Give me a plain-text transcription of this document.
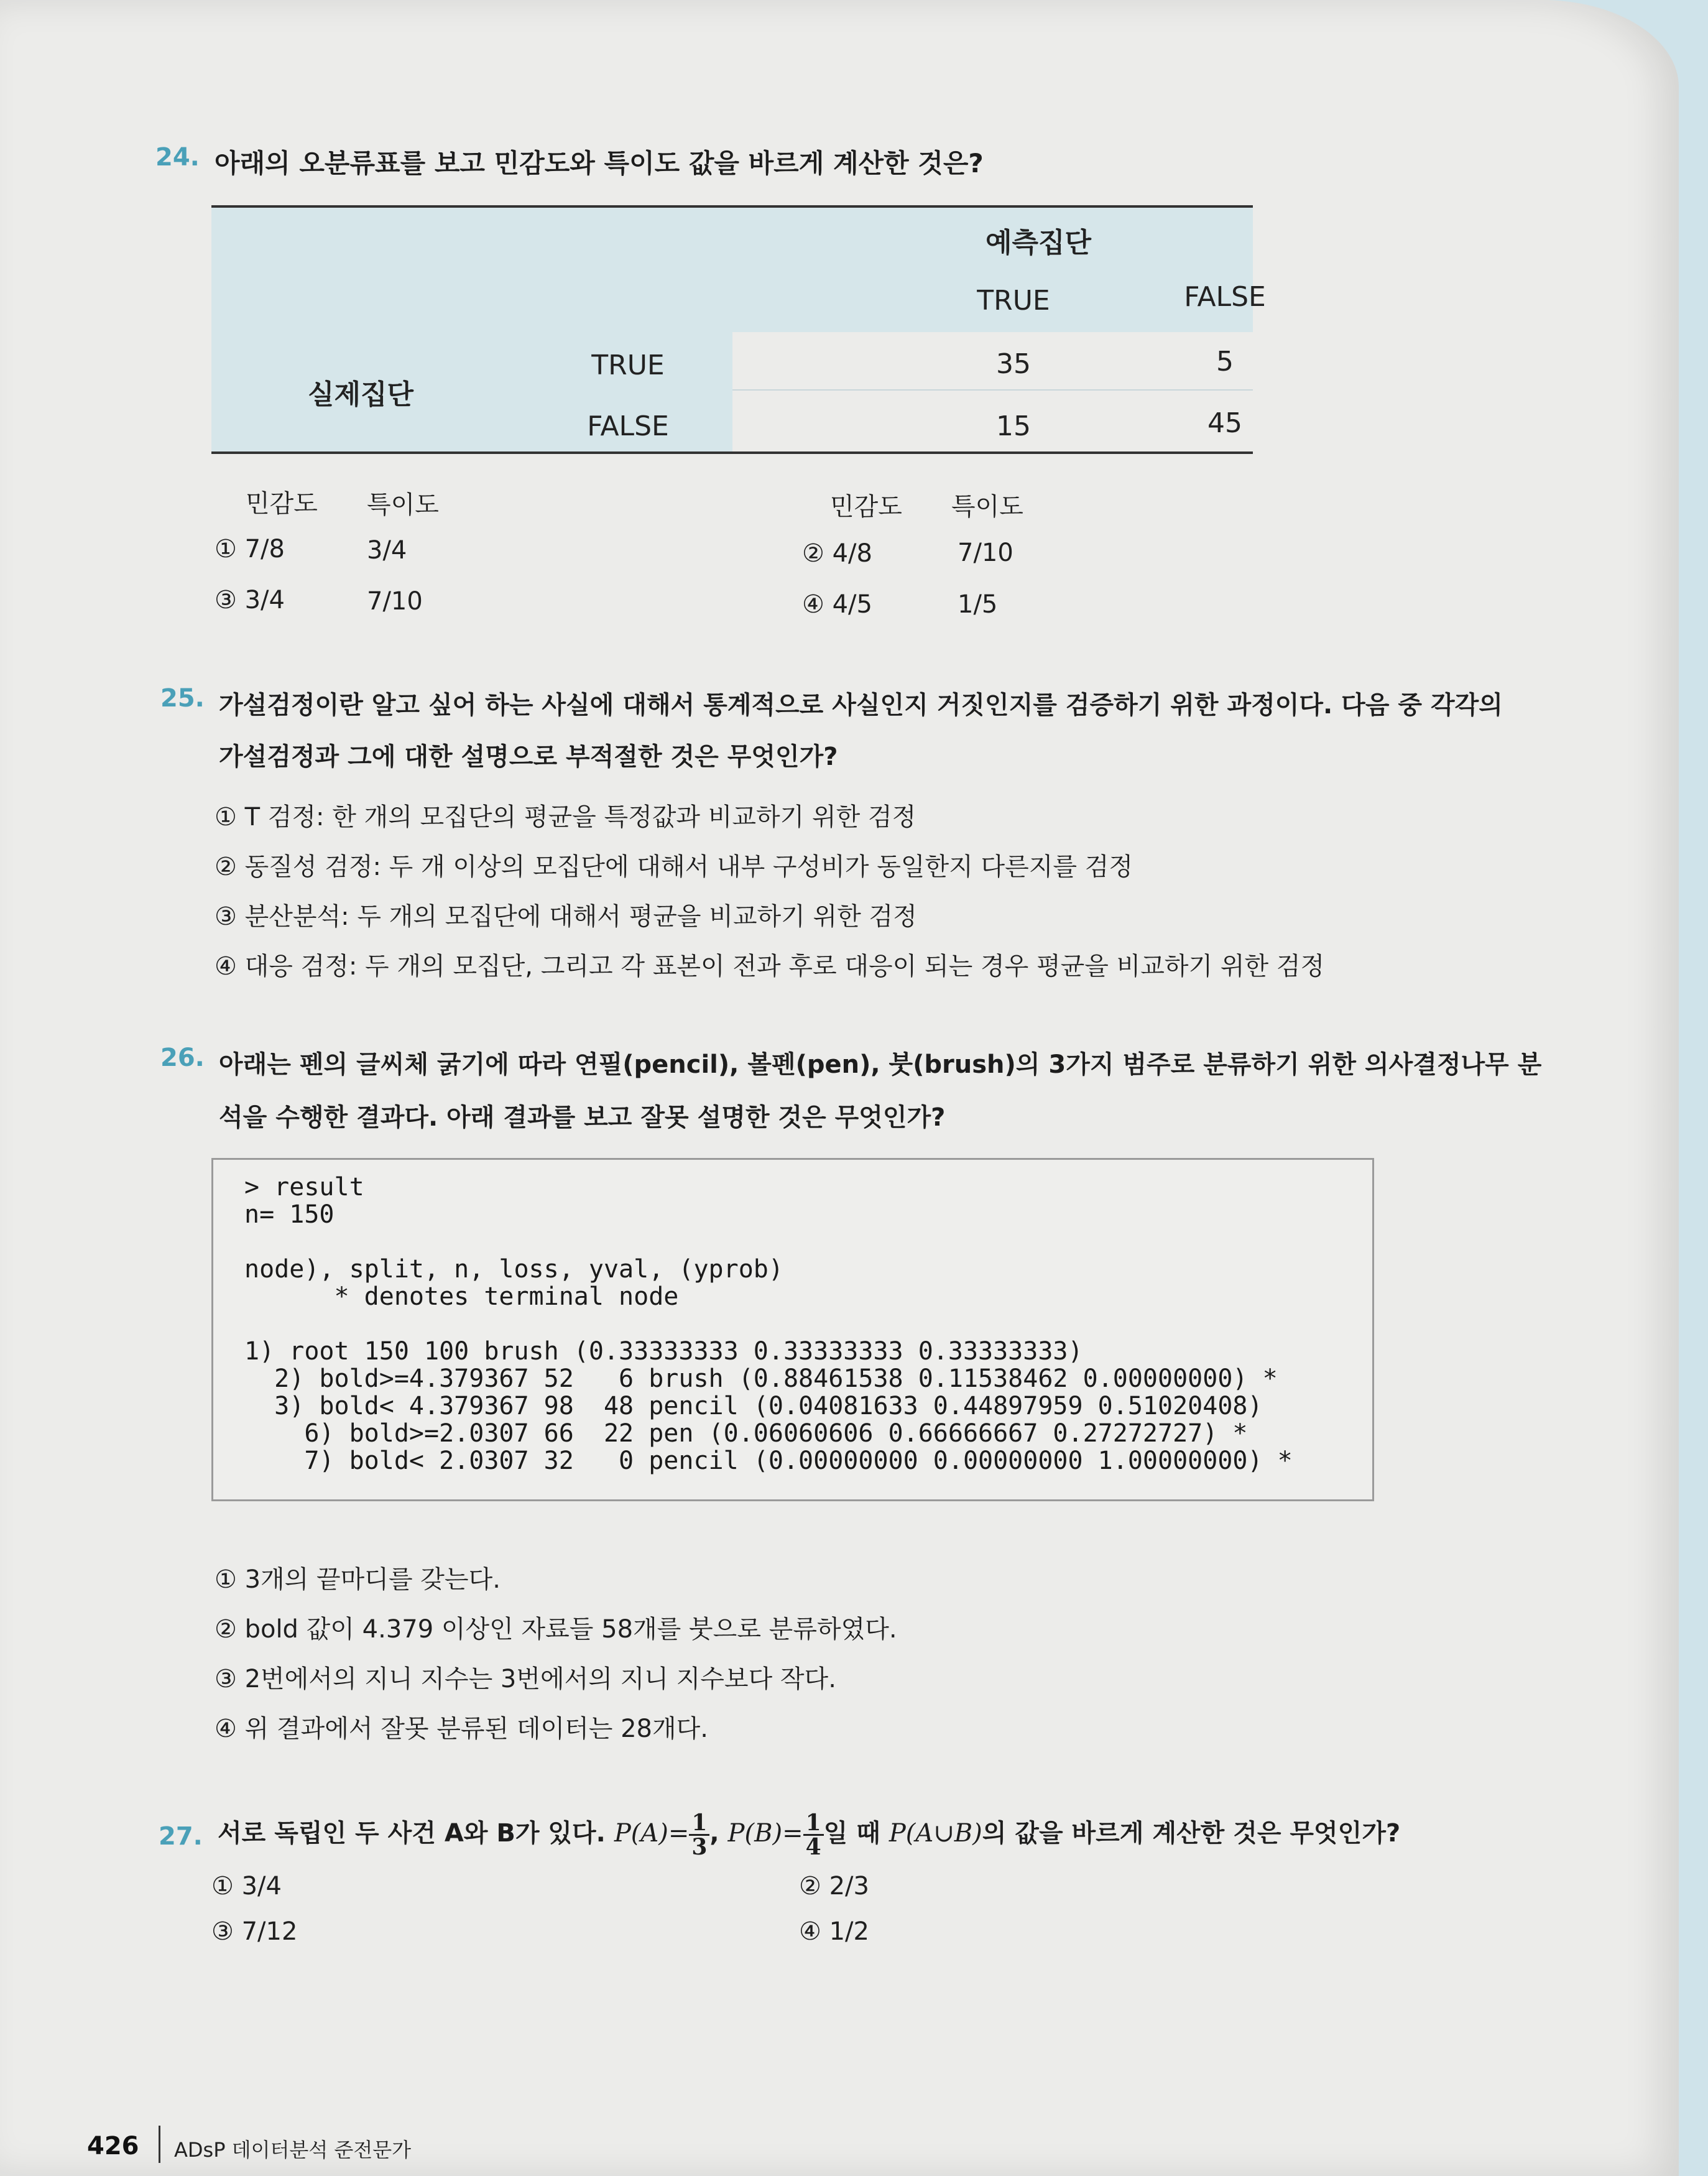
24. 아래의 오분류표를 보고 민감도와 특이도 값을 바르게 계산한 것은?
예측집단
TRUE	FALSE
실제집단
TRUE	35	5
FALSE	15	45
민감도 특이도	민감도 특이도
① 7/8	3/4	② 4/8	7/10
③ 3/4	7/10	④ 4/5	1/5
25. 가설검정이란 알고 싶어 하는 사실에 대해서 통계적으로 사실인지 거짓인지를 검증하기 위한 과정이다. 다음 중 각각의
가설검정과 그에 대한 설명으로 부적절한 것은 무엇인가?
① T 검정: 한 개의 모집단의 평균을 특정값과 비교하기 위한 검정
② 동질성 검정: 두 개 이상의 모집단에 대해서 내부 구성비가 동일한지 다른지를 검정
③ 분산분석: 두 개의 모집단에 대해서 평균을 비교하기 위한 검정
④ 대응 검정: 두 개의 모집단, 그리고 각 표본이 전과 후로 대응이 되는 경우 평균을 비교하기 위한 검정
26. 아래는 펜의 글씨체 굵기에 따라 연필(pencil), 볼펜(pen), 붓(brush)의 3가지 범주로 분류하기 위한 의사결정나무 분
석을 수행한 결과다. 아래 결과를 보고 잘못 설명한 것은 무엇인가?
> result
n= 150

node), split, n, loss, yval, (yprob)
* denotes terminal node

1) root 150 100 brush (0.33333333 0.33333333 0.33333333)
2) bold>=4.379367 52   6 brush (0.88461538 0.11538462 0.00000000) *
3) bold< 4.379367 98  48 pencil (0.04081633 0.44897959 0.51020408)
6) bold>=2.0307 66  22 pen (0.06060606 0.66666667 0.27272727) *
7) bold< 2.0307 32   0 pencil (0.00000000 0.00000000 1.00000000) *
① 3개의 끝마디를 갖는다.
② bold 값이 4.379 이상인 자료들 58개를 붓으로 분류하였다.
③ 2번에서의 지니 지수는 3번에서의 지니 지수보다 작다.
④ 위 결과에서 잘못 분류된 데이터는 28개다.
27. 서로 독립인 두 사건 A와 B가 있다. $P(A)= \frac{1}{3}$ , $P(B)= \frac{1}{4}$ 일 때 P(A∪B)의 값을 바르게 계산한 것은 무엇인가?
① 3/4	② 2/3
③ 7/12	④ 1/2
426 ADsP 데이터분석 준전문가
